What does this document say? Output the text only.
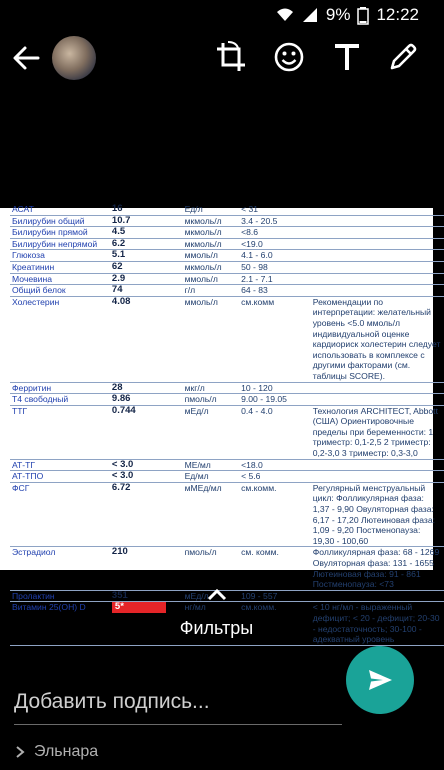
9% 12:22
АСАТ	16	Ед/л	< 31	
Билирубин общий	10.7	мкмоль/л	3.4 - 20.5	
Билирубин прямой	4.5	мкмоль/л	<8.6	
Билирубин непрямой	6.2	мкмоль/л	<19.0	
Глюкоза	5.1	ммоль/л	4.1 - 6.0	
Креатинин	62	мкмоль/л	50 - 98	
Мочевина	2.9	ммоль/л	2.1 - 7.1	
Общий белок	74	г/л	64 - 83	
Холестерин	4.08	ммоль/л	см.комм	Рекомендации по интерпретации: желательный уровень <5.0 ммоль/л индивидуальной оценке кардиориск холестерин следует использовать в комплексе с другими факторами (см. таблицы SCORE).
Ферритин	28	мкг/л	10 - 120	
Т4 свободный	9.86	пмоль/л	9.00 - 19.05	
ТТГ	0.744	мЕд/л	0.4 - 4.0	Технология ARCHITECT, Abbott (США) Ориентировочные пределы при беременности: 1 триместр: 0,1-2,5 2 триместр: 0,2-3,0 3 триместр: 0,3-3,0
АТ-ТГ	< 3.0	МЕ/мл	<18.0	
АТ-ТПО	< 3.0	Ед/мл	< 5.6	
ФСГ	6.72	мМЕд/мл	см.комм.	Регулярный менструальный цикл: Фолликулярная фаза: 1,37 - 9,90 Овуляторная фаза: 6,17 - 17,20 Лютеиновая фаза: 1,09 - 9,20 Постменопауза: 19,30 - 100,60
Эстрадиол	210	пмоль/л	см. комм.	Фолликулярная фаза: 68 - 1269 Овуляторная фаза: 131 - 1655 Лютеиновая фаза: 91 - 861 Постменопауза: <73
Пролактин	351	мЕд/л	109 - 557	
Витамин 25(OH) D	5*	нг/мл	см.комм.	< 10 нг/мл - выраженный дефицит; < 20 - дефицит; 20-30 - недостаточность; 30-100 - адекватный уровень
Фильтры
Добавить подпись...
Эльнара
